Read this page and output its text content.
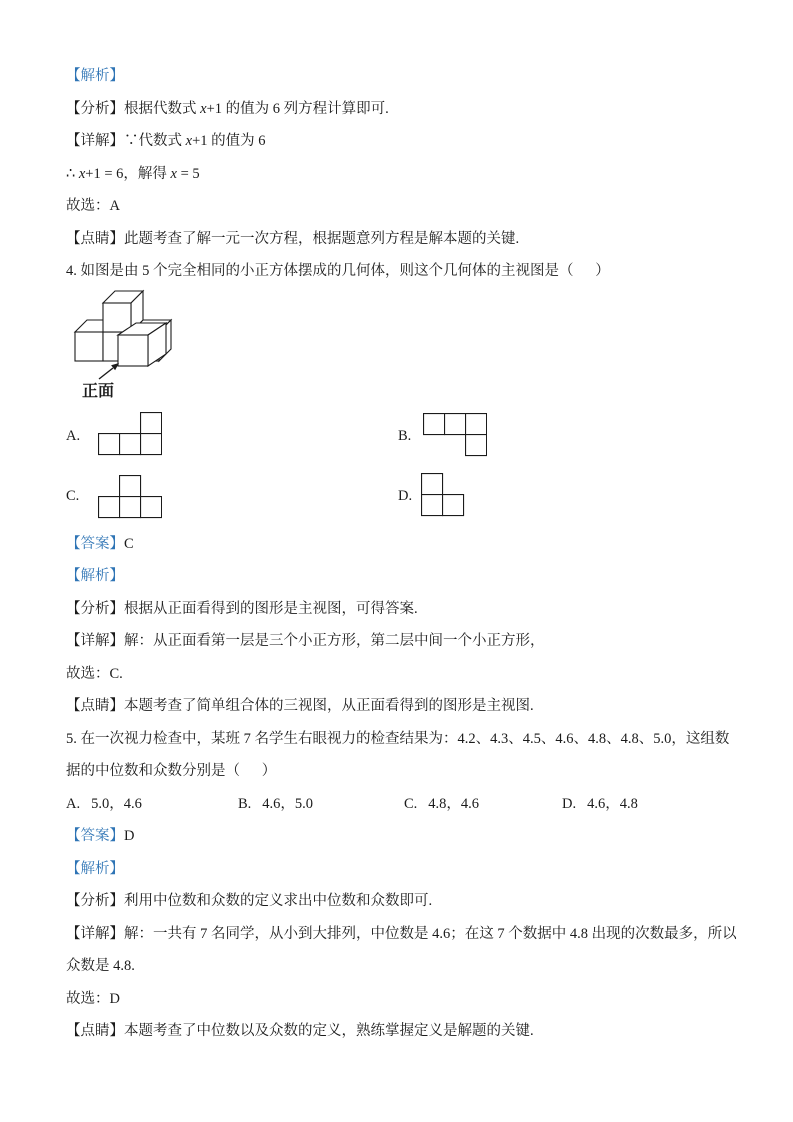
【解析】

【分析】根据代数式 x+1 的值为 6 列方程计算即可.

【详解】∵代数式 x+1 的值为 6

∴ x+1 = 6，解得 x = 5

故选：A

【点睛】此题考查了解一元一次方程，根据题意列方程是解本题的关键.

4. 如图是由 5 个完全相同的小正方体摆成的几何体，则这个几何体的主视图是（      ）

正面
A.	B.
C.	D.

【答案】C

【解析】

【分析】根据从正面看得到的图形是主视图，可得答案.

【详解】解：从正面看第一层是三个小正方形，第二层中间一个小正方形，

故选：C.

【点睛】本题考查了简单组合体的三视图，从正面看得到的图形是主视图.

5. 在一次视力检查中，某班 7 名学生右眼视力的检查结果为：4.2、4.3、4.5、4.6、4.8、4.8、5.0，这组数

据的中位数和众数分别是（      ）

A. 5.0，4.6

	B. 4.6，5.0

	C. 4.8，4.6

	D. 4.6，4.8

【答案】D

【解析】

【分析】利用中位数和众数的定义求出中位数和众数即可.

【详解】解：一共有 7 名同学，从小到大排列，中位数是 4.6；在这 7 个数据中 4.8 出现的次数最多，所以

众数是 4.8.

故选：D

【点睛】本题考查了中位数以及众数的定义，熟练掌握定义是解题的关键.
